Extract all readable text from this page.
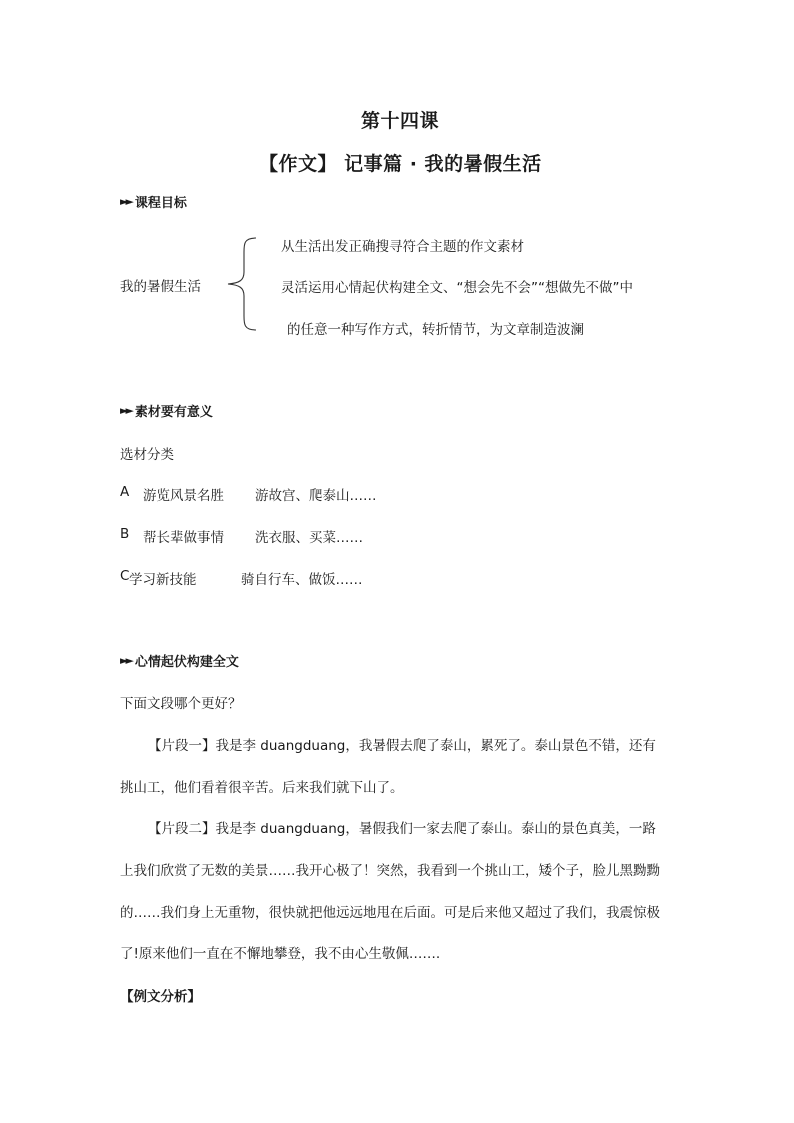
第十四课
【作文】 记事篇 · 我的暑假生活
►► 课程目标
我的暑假生活
从生活出发正确搜寻符合主题的作文素材
灵活运用心情起伏构建全文、“想会先不会”“想做先不做”中
的任意一种写作方式，转折情节，为文章制造波澜
►► 素材要有意义
选材分类
A 游览风景名胜 游故宫、爬泰山……
B 帮长辈做事情 洗衣服、买菜……
C 学习新技能	骑自行车、做饭……
►► 心情起伏构建全文
下面文段哪个更好？
【片段一】我是李 duangduang，我暑假去爬了泰山，累死了。泰山景色不错，还有
挑山工，他们看着很辛苦。后来我们就下山了。
【片段二】我是李 duangduang，暑假我们一家去爬了泰山。泰山的景色真美，一路
上我们欣赏了无数的美景……我开心极了！突然，我看到一个挑山工，矮个子，脸儿黑黝黝
的……我们身上无重物，很快就把他远远地甩在后面。可是后来他又超过了我们，我震惊极
了!原来他们一直在不懈地攀登，我不由心生敬佩…….
【例文分析】
